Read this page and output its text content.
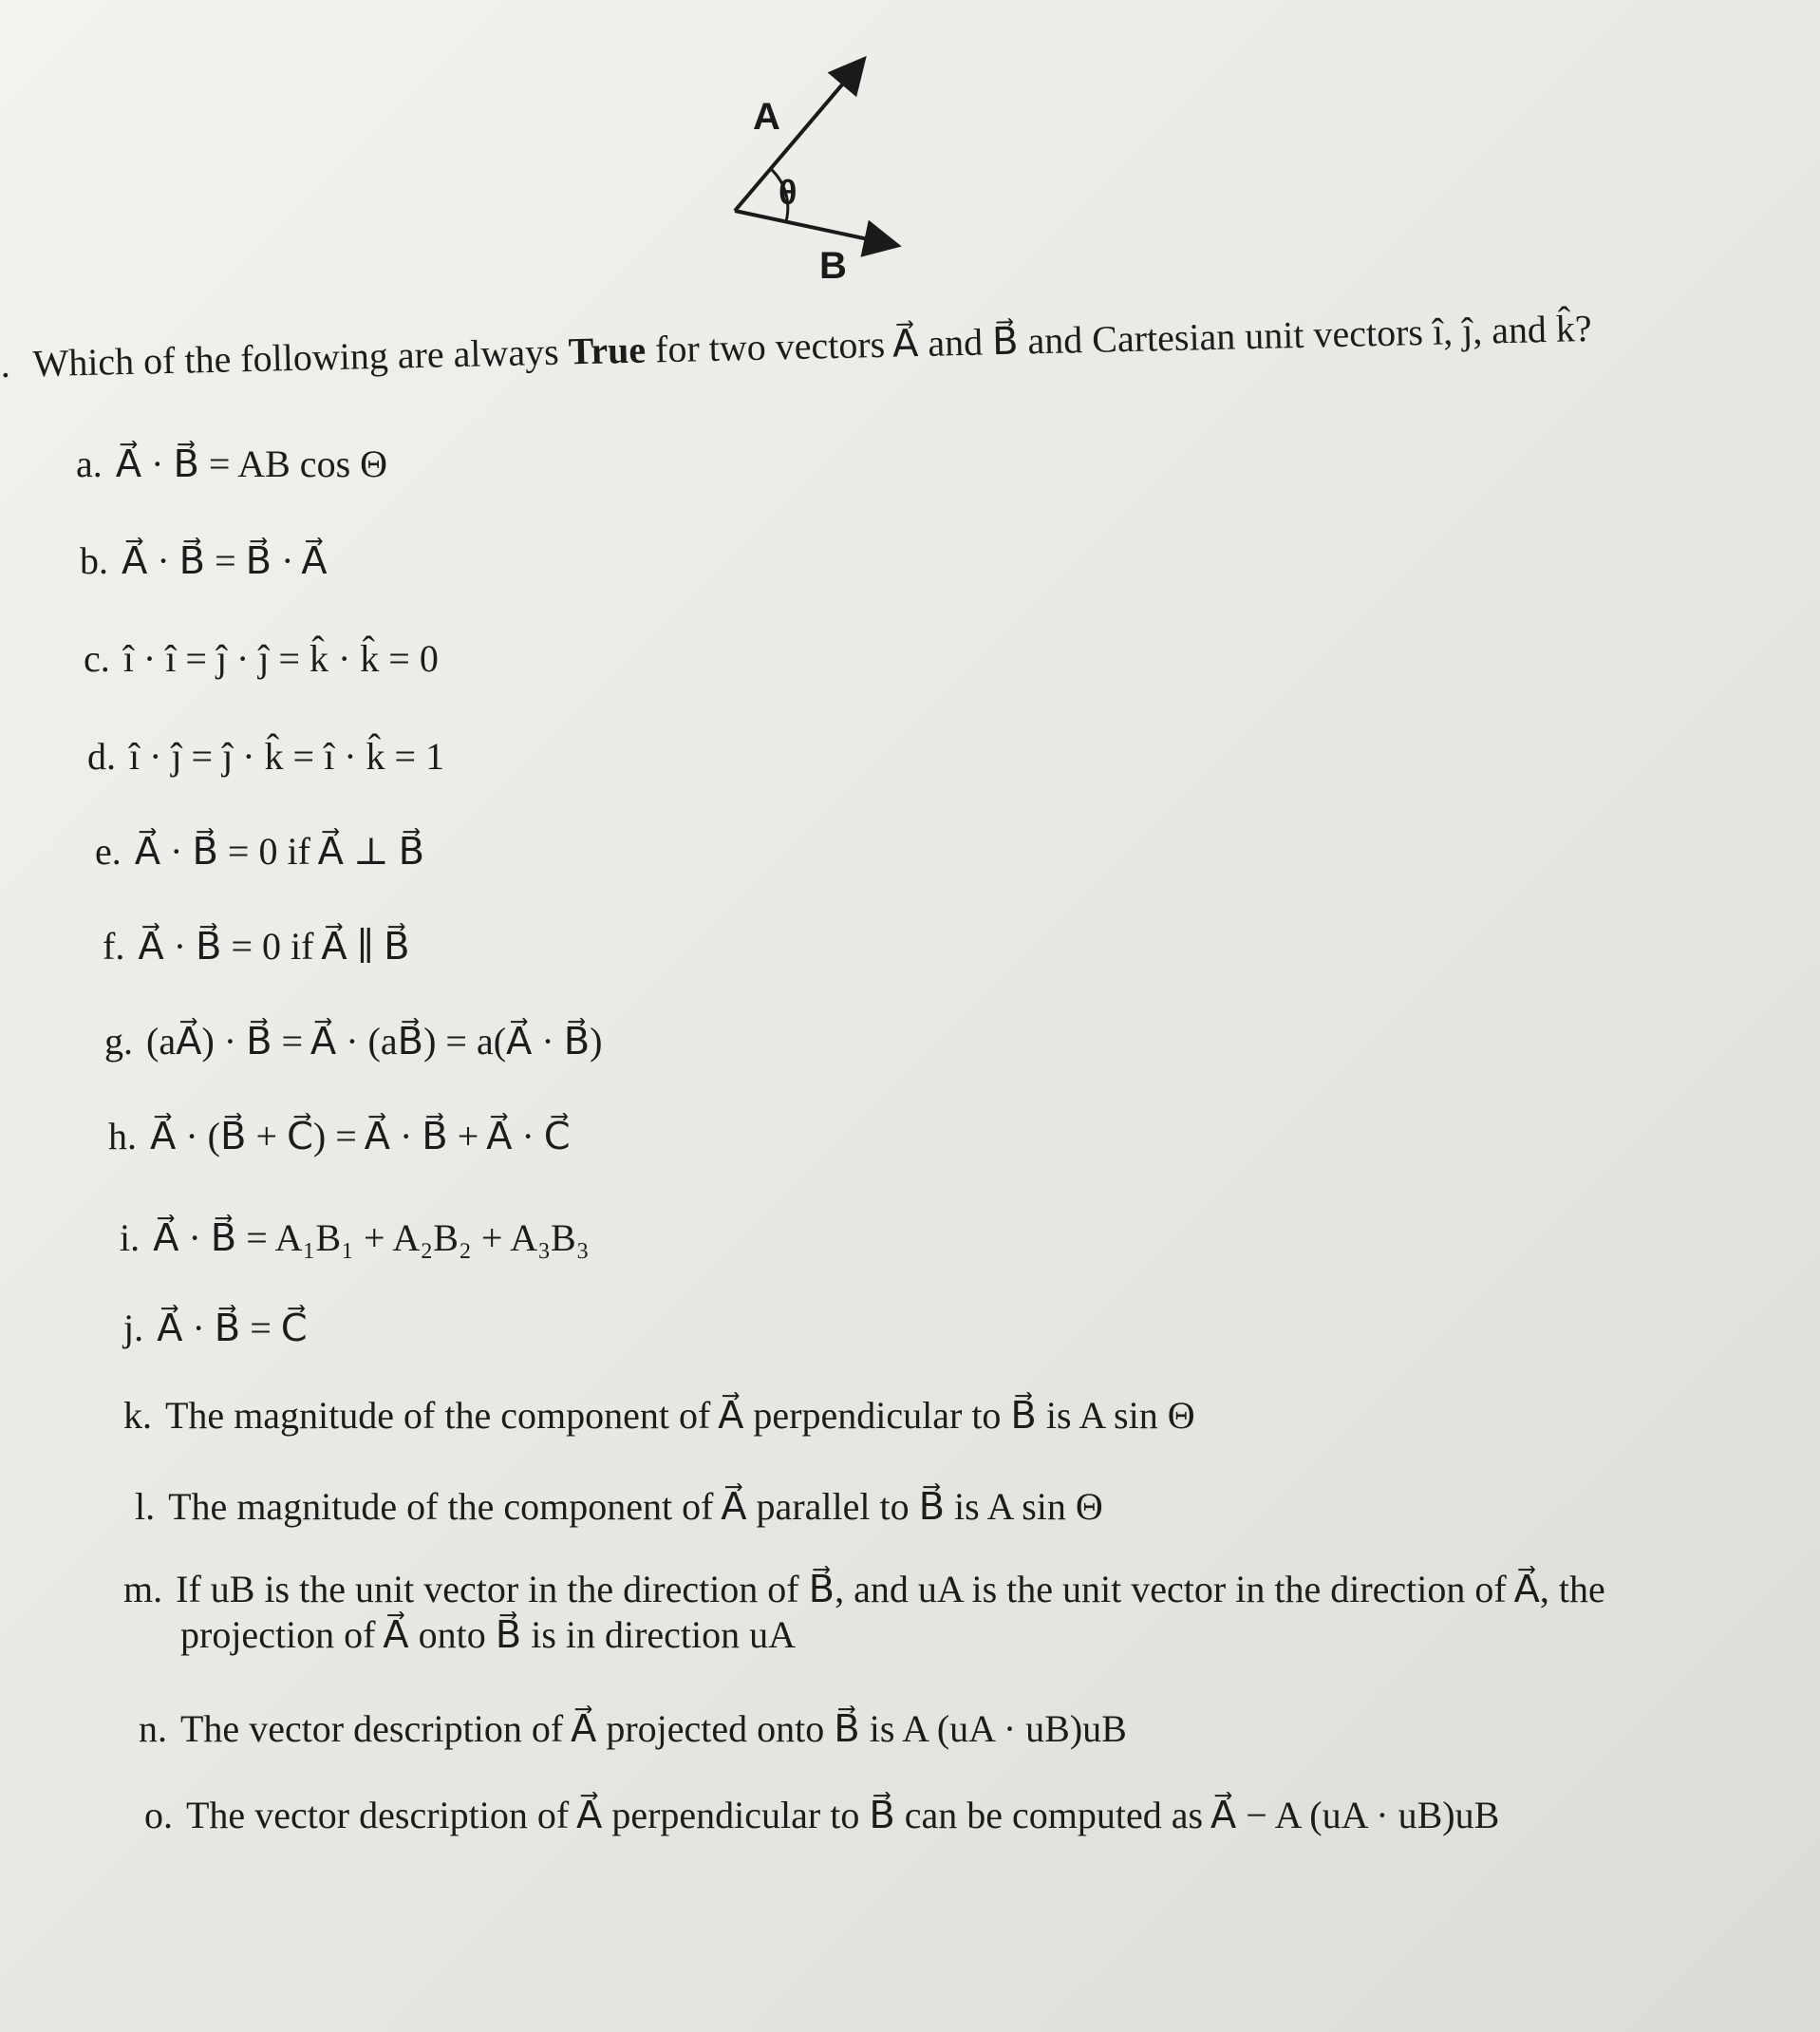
A
θ
B
. Which of the following are always True for two vectors A⃗ and B⃗ and Cartesian unit vectors î, ĵ, and k̂?
a. A⃗ · B⃗ = AB cos Θ
b. A⃗ · B⃗ = B⃗ · A⃗
c. î · î = ĵ · ĵ = k̂ · k̂ = 0
d. î · ĵ = ĵ · k̂ = î · k̂ = 1
e. A⃗ · B⃗ = 0 if A⃗ ⊥ B⃗
f. A⃗ · B⃗ = 0 if A⃗ ∥ B⃗
g. (aA⃗) · B⃗ = A⃗ · (aB⃗) = a(A⃗ · B⃗)
h. A⃗ · (B⃗ + C⃗) = A⃗ · B⃗ + A⃗ · C⃗
i. A⃗ · B⃗ = A₁B₁ + A₂B₂ + A₃B₃
j. A⃗ · B⃗ = C⃗
k. The magnitude of the component of A⃗ perpendicular to B⃗ is A sin Θ
l. The magnitude of the component of A⃗ parallel to B⃗ is A sin Θ
m. If uB is the unit vector in the direction of B⃗, and uA is the unit vector in the direction of A⃗, the
projection of A⃗ onto B⃗ is in direction uA
n. The vector description of A⃗ projected onto B⃗ is A (uA · uB)uB
o. The vector description of A⃗ perpendicular to B⃗ can be computed as A⃗ − A (uA · uB)uB
